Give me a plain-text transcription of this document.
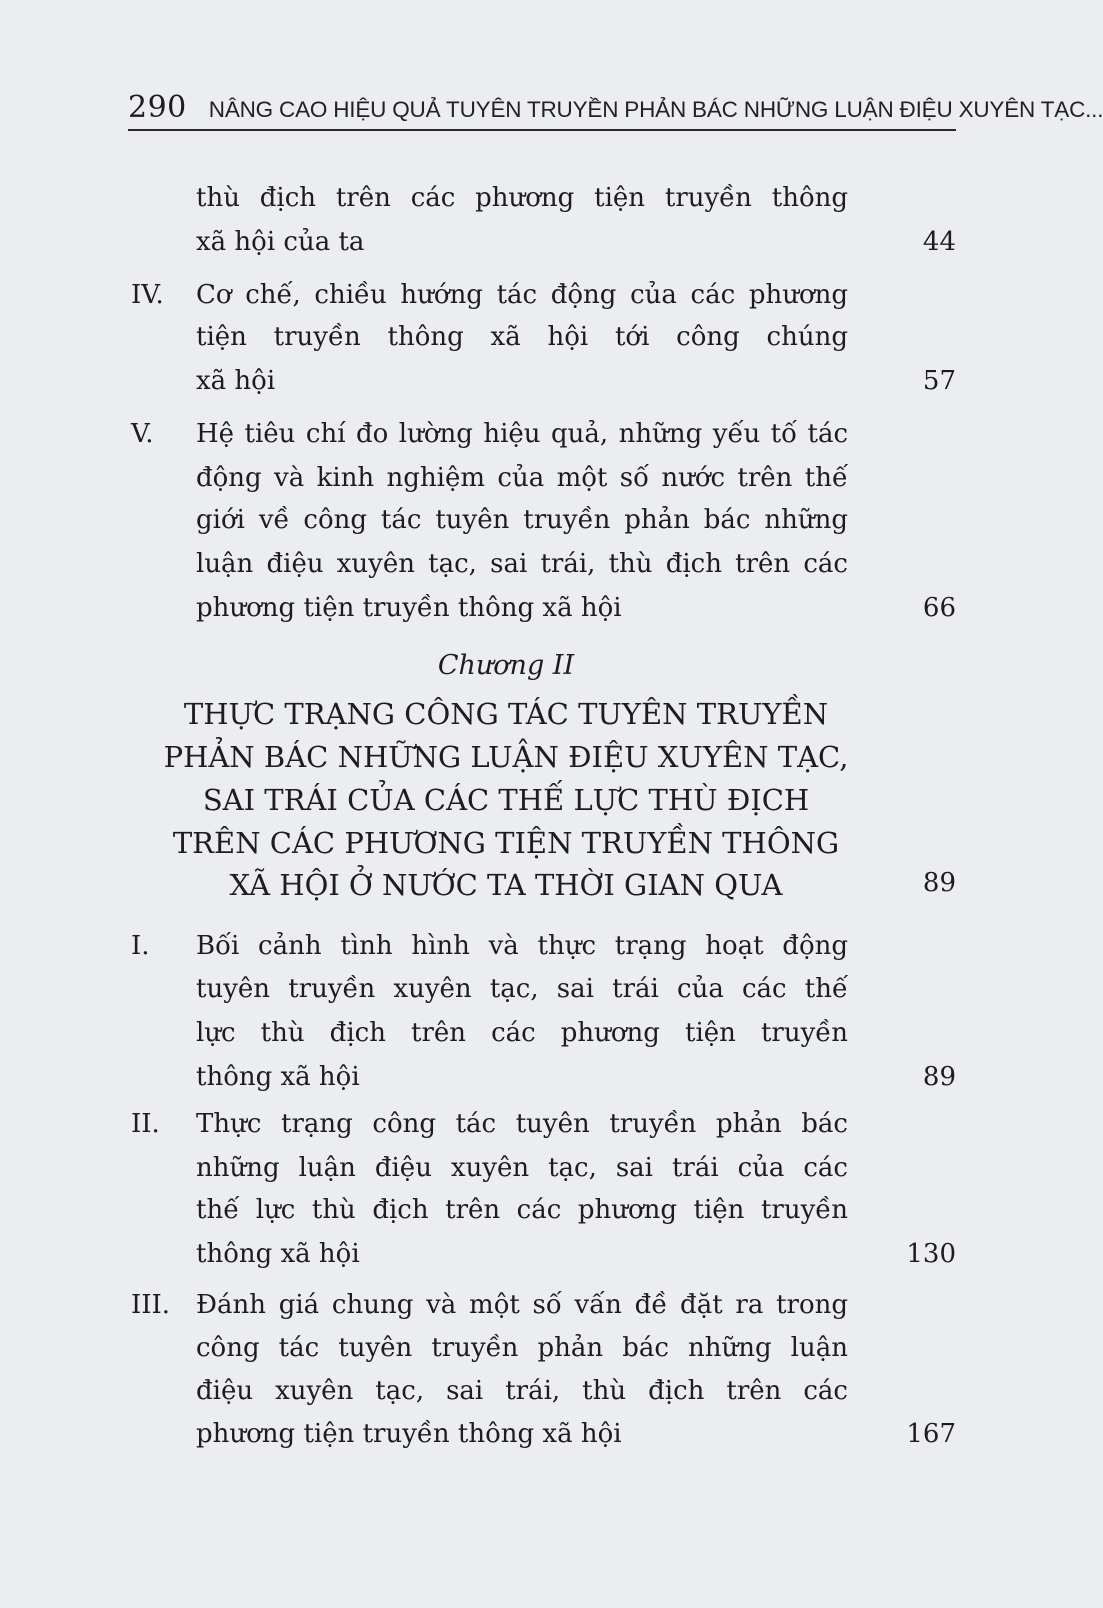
290 NÂNG CAO HIỆU QUẢ TUYÊN TRUYỀN PHẢN BÁC NHỮNG LUẬN ĐIỆU XUYÊN TẠC...
thù địch trên các phương tiện truyền thông
xã hội của ta	44
IV. Cơ chế, chiều hướng tác động của các phương
tiện truyền thông xã hội tới công chúng
xã hội	57
V. Hệ tiêu chí đo lường hiệu quả, những yếu tố tác
động và kinh nghiệm của một số nước trên thế
giới về công tác tuyên truyền phản bác những
luận điệu xuyên tạc, sai trái, thù địch trên các
phương tiện truyền thông xã hội	66
Chương II
THỰC TRẠNG CÔNG TÁC TUYÊN TRUYỀN
PHẢN BÁC NHỮNG LUẬN ĐIỆU XUYÊN TẠC,
SAI TRÁI CỦA CÁC THẾ LỰC THÙ ĐỊCH
TRÊN CÁC PHƯƠNG TIỆN TRUYỀN THÔNG
XÃ HỘI Ở NƯỚC TA THỜI GIAN QUA	89
I. Bối cảnh tình hình và thực trạng hoạt động
tuyên truyền xuyên tạc, sai trái của các thế
lực thù địch trên các phương tiện truyền
thông xã hội	89
II. Thực trạng công tác tuyên truyền phản bác
những luận điệu xuyên tạc, sai trái của các
thế lực thù địch trên các phương tiện truyền
thông xã hội	130
III. Đánh giá chung và một số vấn đề đặt ra trong
công tác tuyên truyền phản bác những luận
điệu xuyên tạc, sai trái, thù địch trên các
phương tiện truyền thông xã hội	167
